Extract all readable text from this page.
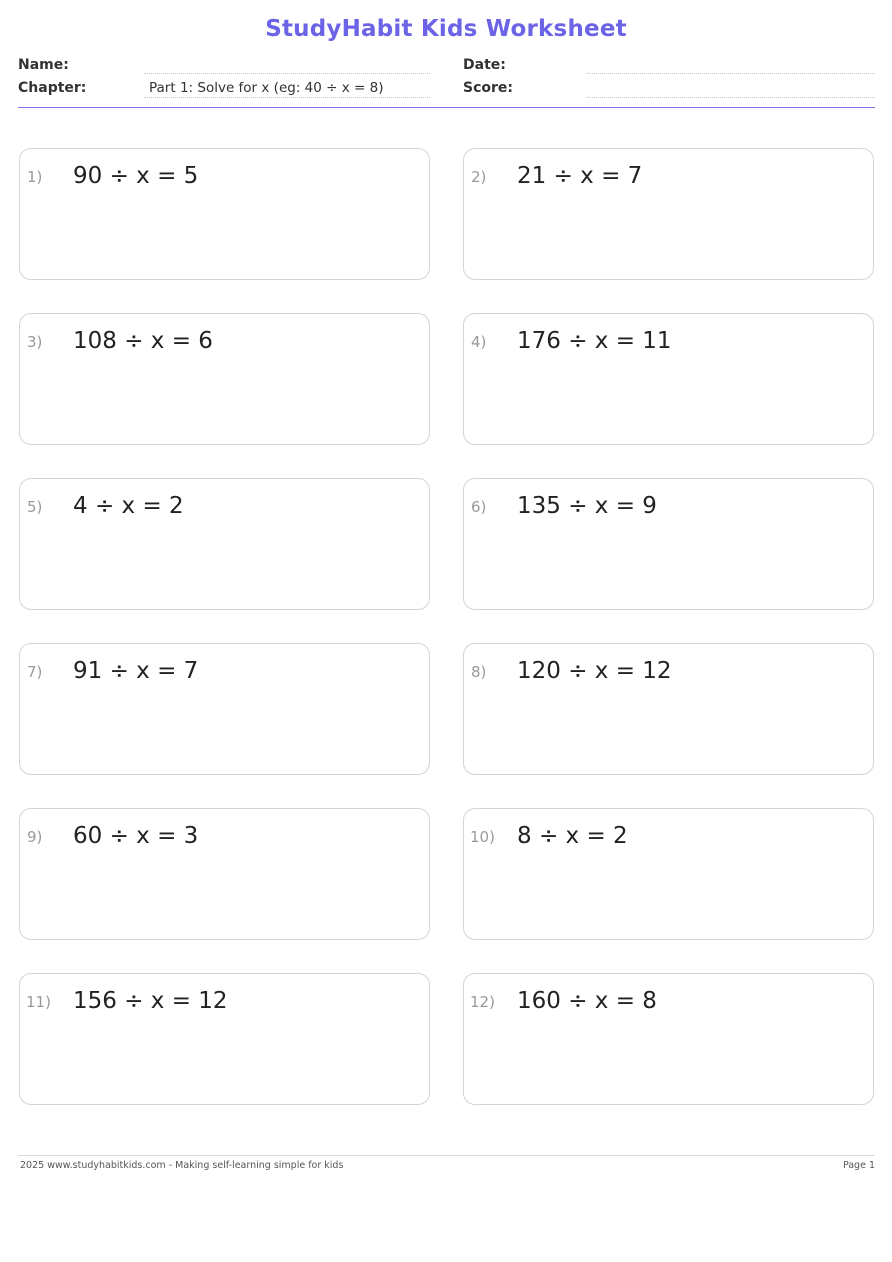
StudyHabit Kids Worksheet
Name:	Date:
Chapter:	Part 1: Solve for x (eg: 40 ÷ x = 8)	Score:
1) 90 ÷ x = 5	2) 21 ÷ x = 7
3) 108 ÷ x = 6	4) 176 ÷ x = 11
5) 4 ÷ x = 2	6) 135 ÷ x = 9
7) 91 ÷ x = 7	8) 120 ÷ x = 12
9) 60 ÷ x = 3	10) 8 ÷ x = 2
11) 156 ÷ x = 12	12) 160 ÷ x = 8
2025 www.studyhabitkids.com - Making self-learning simple for kids	Page 1
